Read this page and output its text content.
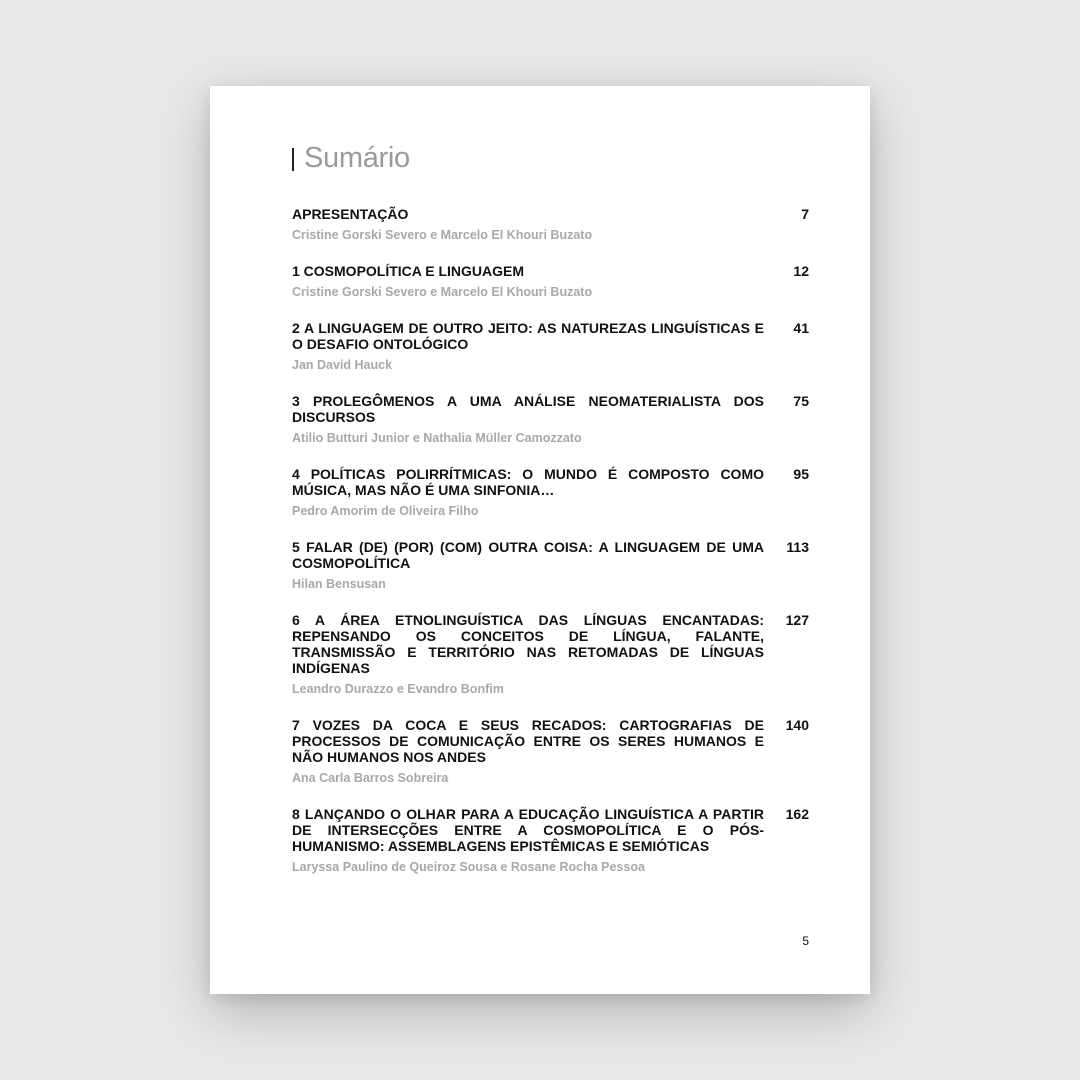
Sumário
APRESENTAÇÃO	7
Cristine Gorski Severo e Marcelo El Khouri Buzato
1 COSMOPOLÍTICA E LINGUAGEM	12
Cristine Gorski Severo e Marcelo El Khouri Buzato
2 A LINGUAGEM DE OUTRO JEITO: AS NATUREZAS LINGUÍSTICAS E O DESAFIO ONTOLÓGICO
41
Jan David Hauck
3 PROLEGÔMENOS A UMA ANÁLISE NEOMATERIALISTA DOS DISCURSOS
75
Atilio Butturi Junior e Nathalia Müller Camozzato
4 POLÍTICAS POLIRRÍTMICAS: O MUNDO É COMPOSTO COMO MÚSICA, MAS NÃO É UMA SINFONIA…
95
Pedro Amorim de Oliveira Filho
5 FALAR (DE) (POR) (COM) OUTRA COISA: A LINGUAGEM DE UMA COSMOPOLÍTICA
113
Hilan Bensusan
6 A ÁREA ETNOLINGUÍSTICA DAS LÍNGUAS ENCANTADAS: REPENSANDO OS CONCEITOS DE LÍNGUA, FALANTE, TRANSMISSÃO E TERRITÓRIO NAS RETOMADAS DE LÍNGUAS INDÍGENAS
127
Leandro Durazzo e Evandro Bonfim
7 VOZES DA COCA E SEUS RECADOS: CARTOGRAFIAS DE PROCESSOS DE COMUNICAÇÃO ENTRE OS SERES HUMANOS E NÃO HUMANOS NOS ANDES
140
Ana Carla Barros Sobreira
8 LANÇANDO O OLHAR PARA A EDUCAÇÃO LINGUÍSTICA A PARTIR DE INTERSECÇÕES ENTRE A COSMOPOLÍTICA E O PÓS-HUMANISMO: ASSEMBLAGENS EPISTÊMICAS E SEMIÓTICAS
162
Laryssa Paulino de Queiroz Sousa e Rosane Rocha Pessoa
5
